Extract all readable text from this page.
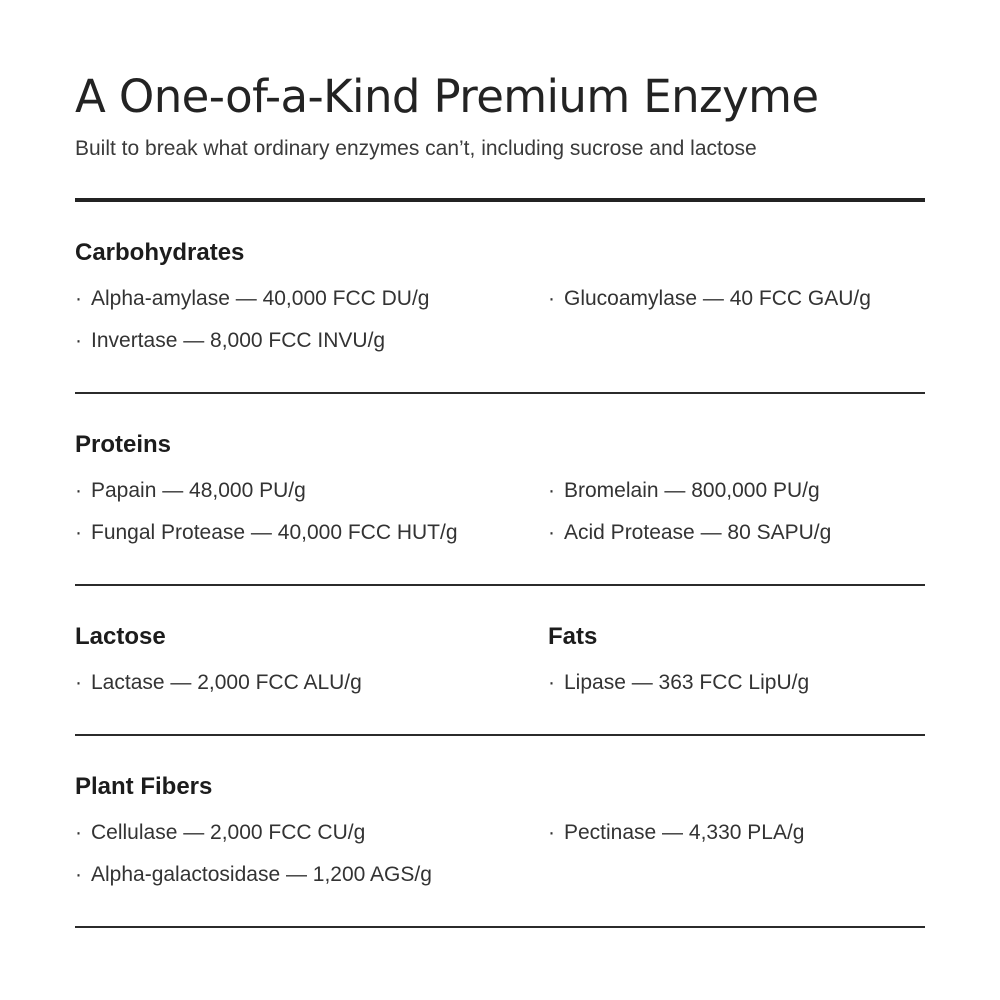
A One-of-a-Kind Premium Enzyme

Built to break what ordinary enzymes can’t, including sucrose and lactose

Carbohydrates
· Alpha-amylase — 40,000 FCC DU/g
· Invertase — 8,000 FCC INVU/g
· Glucoamylase — 40 FCC GAU/g
Proteins
· Papain — 48,000 PU/g
· Fungal Protease — 40,000 FCC HUT/g
· Bromelain — 800,000 PU/g
· Acid Protease — 80 SAPU/g
Lactose
· Lactase — 2,000 FCC ALU/g
Fats
· Lipase — 363 FCC LipU/g
Plant Fibers
· Cellulase — 2,000 FCC CU/g
· Alpha-galactosidase — 1,200 AGS/g
· Pectinase — 4,330 PLA/g
